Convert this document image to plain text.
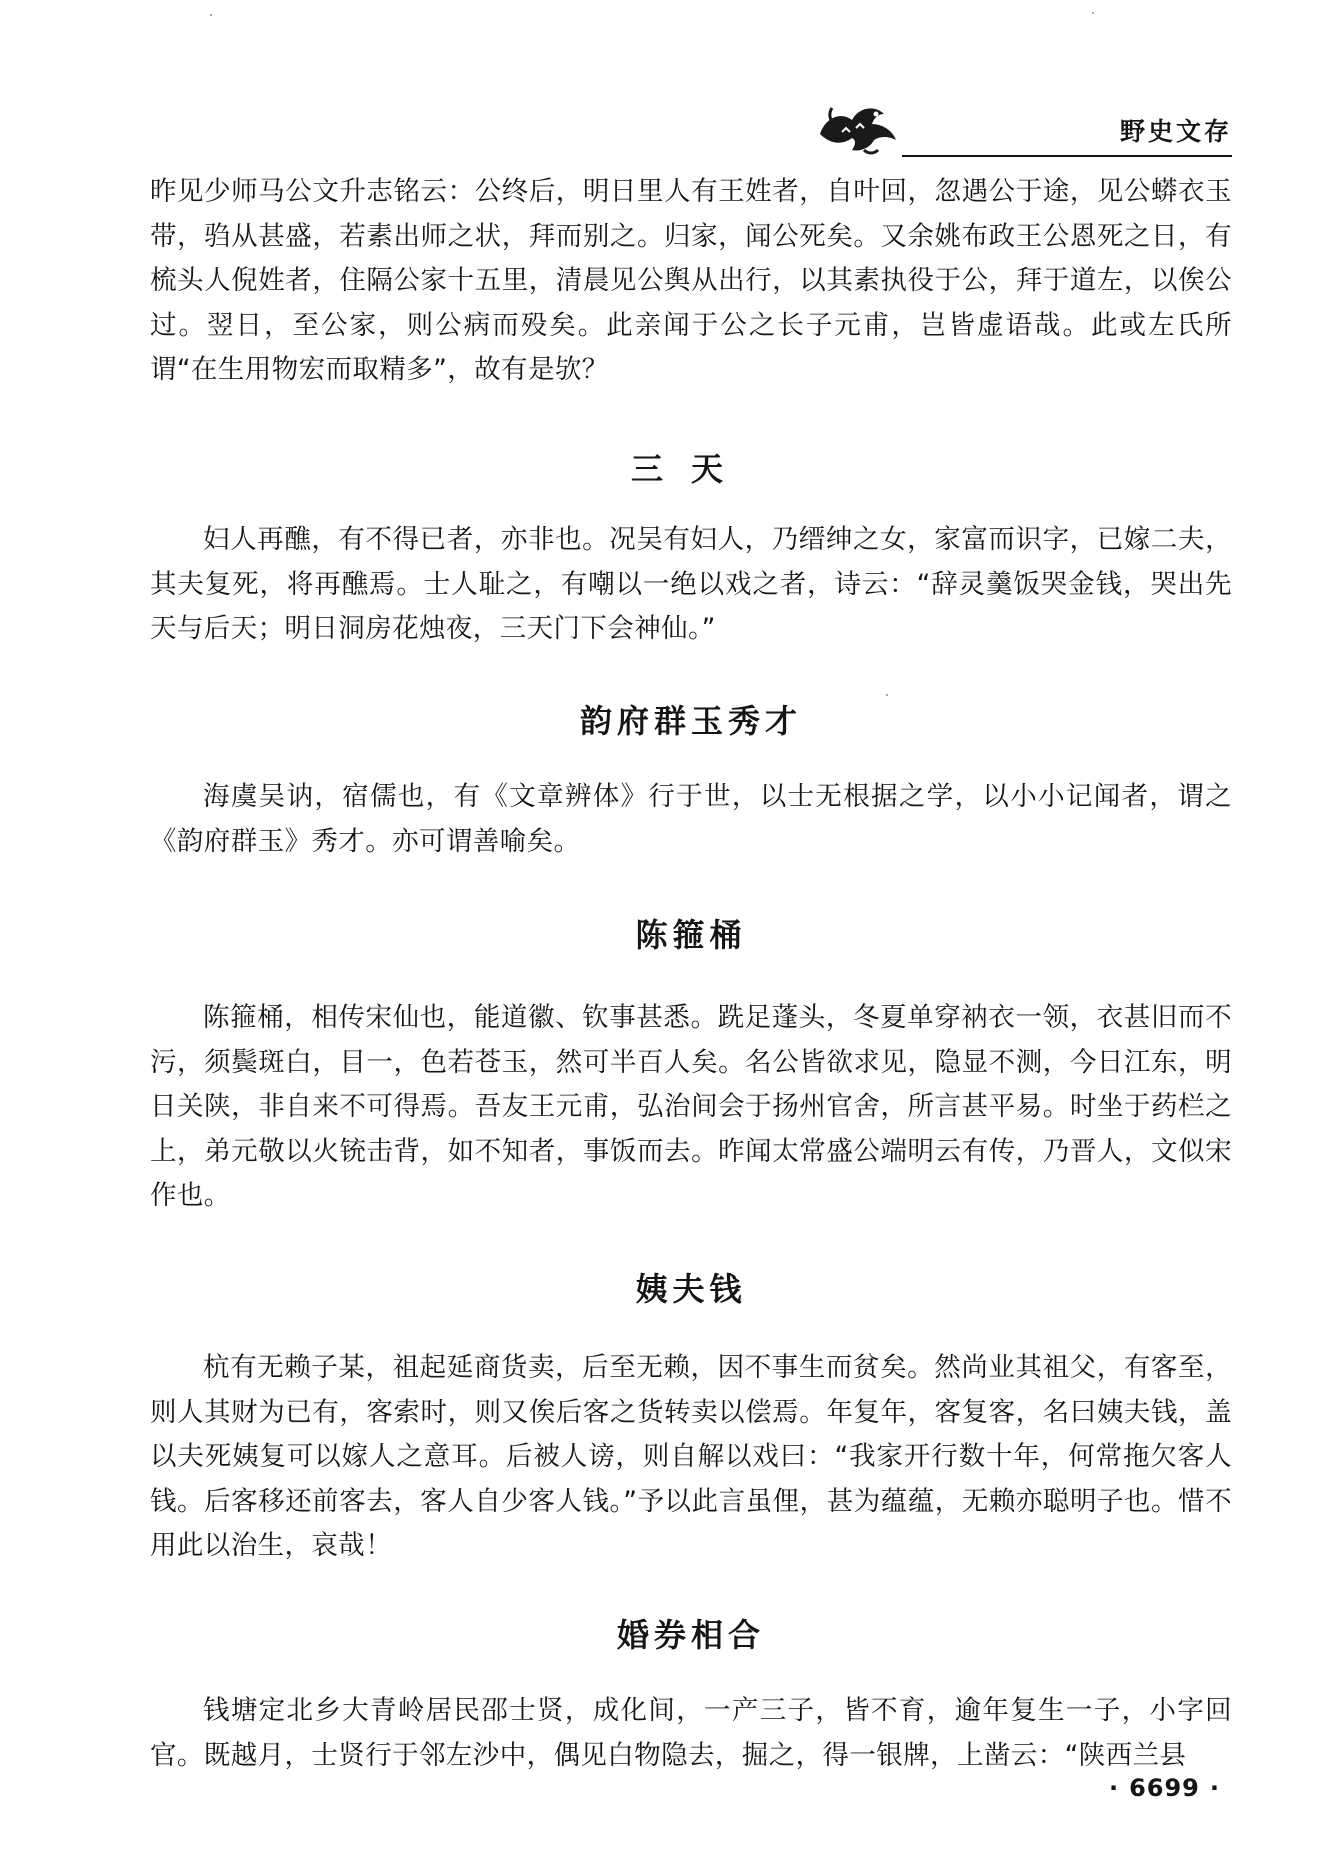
野史文存

昨见少师马公文升志铭云：公终后，明日里人有王姓者，自叶回，忽遇公于途，见公蟒衣玉带，驺从甚盛，若素出师之状，拜而别之。归家，闻公死矣。又余姚布政王公恩死之日，有梳头人倪姓者，住隔公家十五里，清晨见公舆从出行，以其素执役于公，拜于道左，以俟公过。翌日，至公家，则公病而殁矣。此亲闻于公之长子元甫，岂皆虚语哉。此或左氏所谓“在生用物宏而取精多”，故有是欤？

三天

妇人再醮，有不得已者，亦非也。况吴有妇人，乃缙绅之女，家富而识字，已嫁二夫，其夫复死，将再醮焉。士人耻之，有嘲以一绝以戏之者，诗云：“辞灵羹饭哭金钱，哭出先天与后天；明日洞房花烛夜，三天门下会神仙。”

韵府群玉秀才

海虞吴讷，宿儒也，有《文章辨体》行于世，以士无根据之学，以小小记闻者，谓之《韵府群玉》秀才。亦可谓善喻矣。

陈箍桶

陈箍桶，相传宋仙也，能道徽、钦事甚悉。跣足蓬头，冬夏单穿衲衣一领，衣甚旧而不污，须鬓斑白，目一，色若苍玉，然可半百人矣。名公皆欲求见，隐显不测，今日江东，明日关陕，非自来不可得焉。吾友王元甫，弘治间会于扬州官舍，所言甚平易。时坐于药栏之上，弟元敬以火铳击背，如不知者，事饭而去。昨闻太常盛公端明云有传，乃晋人，文似宋作也。

姨夫钱

杭有无赖子某，祖起延商货卖，后至无赖，因不事生而贫矣。然尚业其祖父，有客至，则人其财为已有，客索时，则又俟后客之货转卖以偿焉。年复年，客复客，名曰姨夫钱，盖以夫死姨复可以嫁人之意耳。后被人谤，则自解以戏曰：“我家开行数十年，何常拖欠客人钱。后客移还前客去，客人自少客人钱。”予以此言虽俚，甚为蕴蕴，无赖亦聪明子也。惜不用此以治生，哀哉！

婚券相合

钱塘定北乡大青岭居民邵士贤，成化间，一产三子，皆不育，逾年复生一子，小字回官。既越月，士贤行于邻左沙中，偶见白物隐去，掘之，得一银牌，上凿云：“陕西兰县

· 6699 ·
